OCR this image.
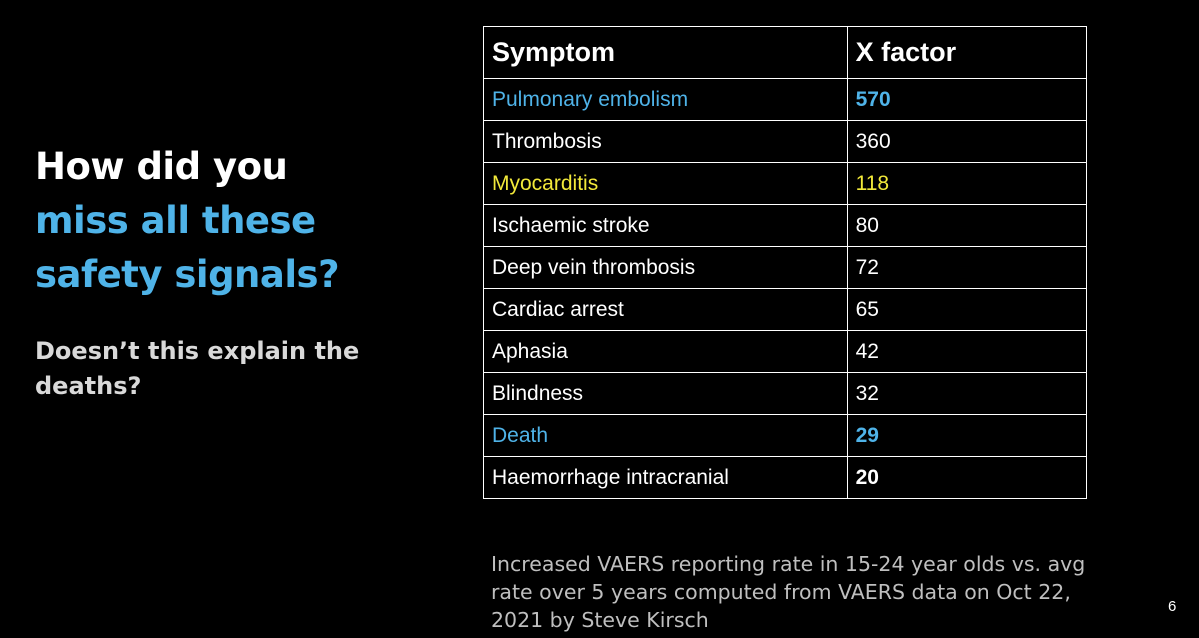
How did you
miss all these
safety signals?

Doesn’t this explain the deaths?

Symptom	X factor
Pulmonary embolism	570
Thrombosis	360
Myocarditis	118
Ischaemic stroke	80
Deep vein thrombosis	72
Cardiac arrest	65
Aphasia	42
Blindness	32
Death	29
Haemorrhage intracranial	20

Increased VAERS reporting rate in 15-24 year olds vs. avg rate over 5 years computed from VAERS data on Oct 22, 2021 by Steve Kirsch

6
